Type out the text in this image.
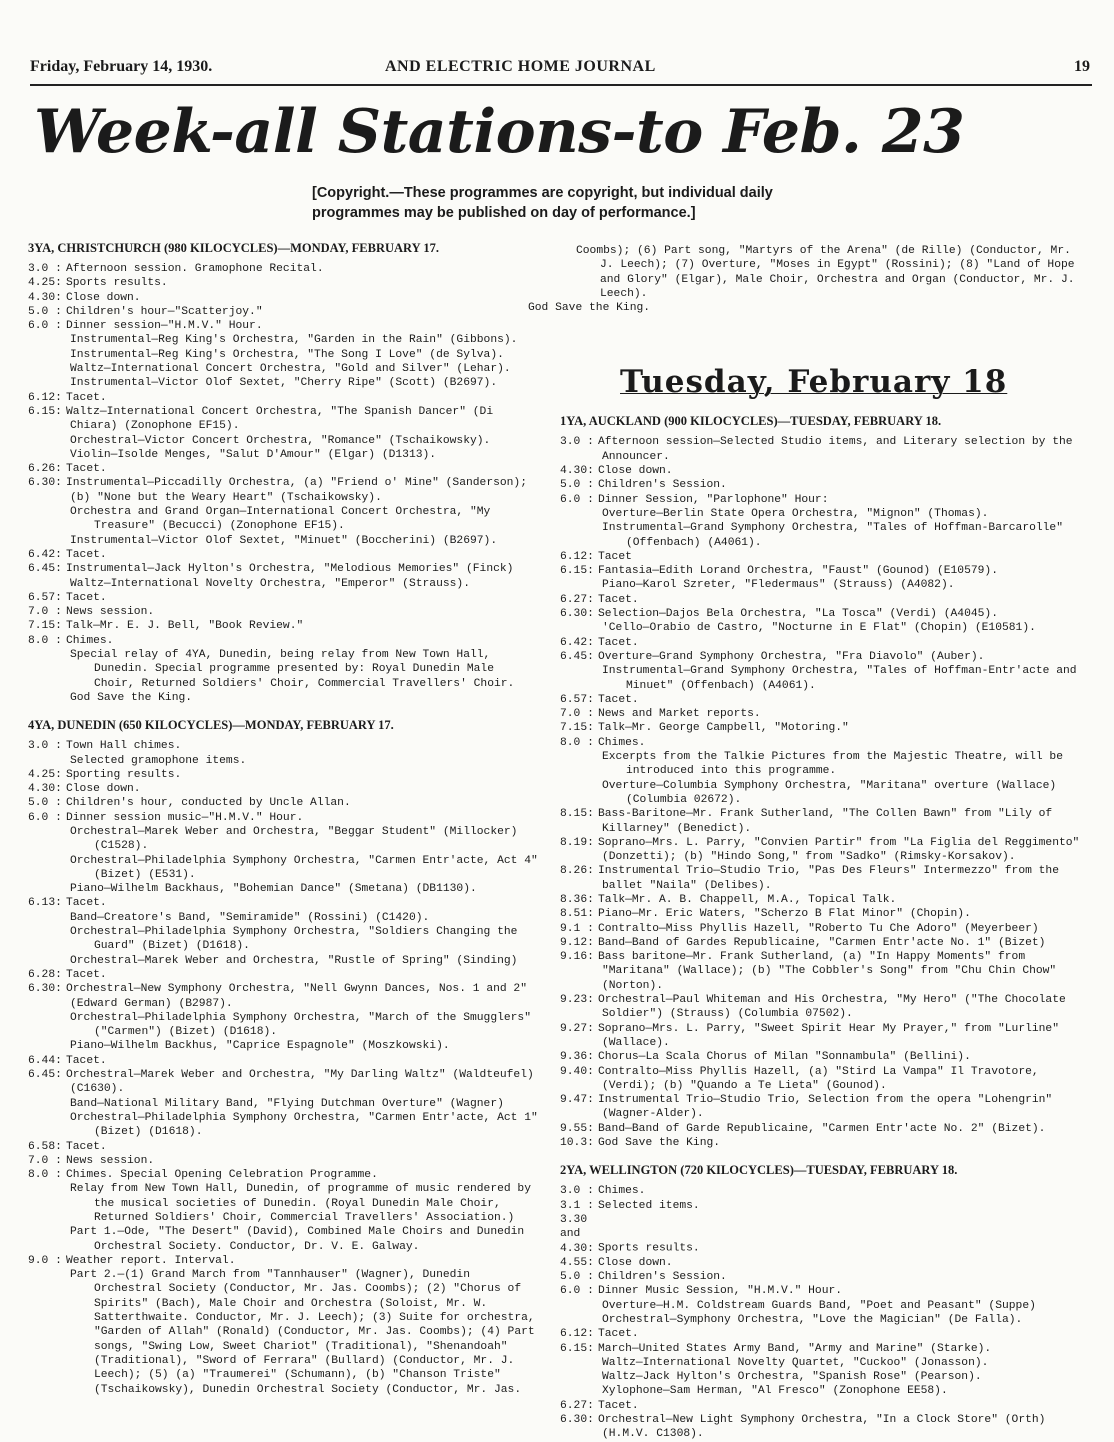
Friday, February 14, 1930.	AND ELECTRIC HOME JOURNAL	19
Week-all Stations-to Feb. 23
[Copyright.—These programmes are copyright, but individual daily programmes may be published on day of performance.]
3YA, CHRISTCHURCH (980 KILOCYCLES)—MONDAY, FEBRUARY 17.
3.0 : Afternoon session. Gramophone Recital.
4.25: Sports results.
4.30: Close down.
5.0 : Children's hour—"Scatterjoy."
6.0 : Dinner session—"H.M.V." Hour.
Instrumental—Reg King's Orchestra, "Garden in the Rain" (Gibbons).
Instrumental—Reg King's Orchestra, "The Song I Love" (de Sylva).
Waltz—International Concert Orchestra, "Gold and Silver" (Lehar).
Instrumental—Victor Olof Sextet, "Cherry Ripe" (Scott) (B2697).
6.12: Tacet.
6.15: Waltz—International Concert Orchestra, "The Spanish Dancer" (Di Chiara) (Zonophone EF15).
Orchestral—Victor Concert Orchestra, "Romance" (Tschaikowsky).
Violin—Isolde Menges, "Salut D'Amour" (Elgar) (D1313).
6.26: Tacet.
6.30: Instrumental—Piccadilly Orchestra, (a) "Friend o' Mine" (Sanderson); (b) "None but the Weary Heart" (Tschaikowsky).
Orchestra and Grand Organ—International Concert Orchestra, "My Treasure" (Becucci) (Zonophone EF15).
Instrumental—Victor Olof Sextet, "Minuet" (Boccherini) (B2697).
6.42: Tacet.
6.45: Instrumental—Jack Hylton's Orchestra, "Melodious Memories" (Finck)
Waltz—International Novelty Orchestra, "Emperor" (Strauss).
6.57: Tacet.
7.0 : News session.
7.15: Talk—Mr. E. J. Bell, "Book Review."
8.0 : Chimes.
Special relay of 4YA, Dunedin, being relay from New Town Hall, Dunedin. Special programme presented by: Royal Dunedin Male Choir, Returned Soldiers' Choir, Commercial Travellers' Choir.
God Save the King.
4YA, DUNEDIN (650 KILOCYCLES)—MONDAY, FEBRUARY 17.
3.0 : Town Hall chimes.
Selected gramophone items.
4.25: Sporting results.
4.30: Close down.
5.0 : Children's hour, conducted by Uncle Allan.
6.0 : Dinner session music—"H.M.V." Hour.
Orchestral—Marek Weber and Orchestra, "Beggar Student" (Millocker) (C1528).
Orchestral—Philadelphia Symphony Orchestra, "Carmen Entr'acte, Act 4" (Bizet) (E531).
Piano—Wilhelm Backhaus, "Bohemian Dance" (Smetana) (DB1130).
6.13: Tacet.
Band—Creatore's Band, "Semiramide" (Rossini) (C1420).
Orchestral—Philadelphia Symphony Orchestra, "Soldiers Changing the Guard" (Bizet) (D1618).
Orchestral—Marek Weber and Orchestra, "Rustle of Spring" (Sinding)
6.28: Tacet.
6.30: Orchestral—New Symphony Orchestra, "Nell Gwynn Dances, Nos. 1 and 2" (Edward German) (B2987).
Orchestral—Philadelphia Symphony Orchestra, "March of the Smugglers" ("Carmen") (Bizet) (D1618).
Piano—Wilhelm Backhus, "Caprice Espagnole" (Moszkowski).
6.44: Tacet.
6.45: Orchestral—Marek Weber and Orchestra, "My Darling Waltz" (Waldteufel) (C1630).
Band—National Military Band, "Flying Dutchman Overture" (Wagner)
Orchestral—Philadelphia Symphony Orchestra, "Carmen Entr'acte, Act 1" (Bizet) (D1618).
6.58: Tacet.
7.0 : News session.
8.0 : Chimes. Special Opening Celebration Programme.
Relay from New Town Hall, Dunedin, of programme of music rendered by the musical societies of Dunedin. (Royal Dunedin Male Choir, Returned Soldiers' Choir, Commercial Travellers' Association.)
Part 1.—Ode, "The Desert" (David), Combined Male Choirs and Dunedin Orchestral Society. Conductor, Dr. V. E. Galway.
9.0 : Weather report. Interval.
Part 2.—(1) Grand March from "Tannhauser" (Wagner), Dunedin Orchestral Society (Conductor, Mr. Jas. Coombs); (2) "Chorus of Spirits" (Bach), Male Choir and Orchestra (Soloist, Mr. W. Satterthwaite. Conductor, Mr. J. Leech); (3) Suite for orchestra, "Garden of Allah" (Ronald) (Conductor, Mr. Jas. Coombs); (4) Part songs, "Swing Low, Sweet Chariot" (Traditional), "Shenandoah" (Traditional), "Sword of Ferrara" (Bullard) (Conductor, Mr. J. Leech); (5) (a) "Traumerei" (Schumann), (b) "Chanson Triste" (Tschaikowsky), Dunedin Orchestral Society (Conductor, Mr. Jas.
Coombs); (6) Part song, "Martyrs of the Arena" (de Rille) (Conductor, Mr. J. Leech); (7) Overture, "Moses in Egypt" (Rossini); (8) "Land of Hope and Glory" (Elgar), Male Choir, Orchestra and Organ (Conductor, Mr. J. Leech).
God Save the King.
Tuesday, February 18
1YA, AUCKLAND (900 KILOCYCLES)—TUESDAY, FEBRUARY 18.
3.0 : Afternoon session—Selected Studio items, and Literary selection by the Announcer.
4.30: Close down.
5.0 : Children's Session.
6.0 : Dinner Session, "Parlophone" Hour:
Overture—Berlin State Opera Orchestra, "Mignon" (Thomas).
Instrumental—Grand Symphony Orchestra, "Tales of Hoffman-Barcarolle" (Offenbach) (A4061).
6.12: Tacet
6.15: Fantasia—Edith Lorand Orchestra, "Faust" (Gounod) (E10579).
Piano—Karol Szreter, "Fledermaus" (Strauss) (A4082).
6.27: Tacet.
6.30: Selection—Dajos Bela Orchestra, "La Tosca" (Verdi) (A4045).
'Cello—Orabio de Castro, "Nocturne in E Flat" (Chopin) (E10581).
6.42: Tacet.
6.45: Overture—Grand Symphony Orchestra, "Fra Diavolo" (Auber).
Instrumental—Grand Symphony Orchestra, "Tales of Hoffman-Entr'acte and Minuet" (Offenbach) (A4061).
6.57: Tacet.
7.0 : News and Market reports.
7.15: Talk—Mr. George Campbell, "Motoring."
8.0 : Chimes.
Excerpts from the Talkie Pictures from the Majestic Theatre, will be introduced into this programme.
Overture—Columbia Symphony Orchestra, "Maritana" overture (Wallace) (Columbia 02672).
8.15: Bass-Baritone—Mr. Frank Sutherland, "The Collen Bawn" from "Lily of Killarney" (Benedict).
8.19: Soprano—Mrs. L. Parry, "Convien Partir" from "La Figlia del Reggimento" (Donzetti); (b) "Hindo Song," from "Sadko" (Rimsky-Korsakov).
8.26: Instrumental Trio—Studio Trio, "Pas Des Fleurs" Intermezzo" from the ballet "Naila" (Delibes).
8.36: Talk—Mr. A. B. Chappell, M.A., Topical Talk.
8.51: Piano—Mr. Eric Waters, "Scherzo B Flat Minor" (Chopin).
9.1 : Contralto—Miss Phyllis Hazell, "Roberto Tu Che Adoro" (Meyerbeer)
9.12: Band—Band of Gardes Republicaine, "Carmen Entr'acte No. 1" (Bizet)
9.16: Bass baritone—Mr. Frank Sutherland, (a) "In Happy Moments" from "Maritana" (Wallace); (b) "The Cobbler's Song" from "Chu Chin Chow" (Norton).
9.23: Orchestral—Paul Whiteman and His Orchestra, "My Hero" ("The Chocolate Soldier") (Strauss) (Columbia 07502).
9.27: Soprano—Mrs. L. Parry, "Sweet Spirit Hear My Prayer," from "Lurline" (Wallace).
9.36: Chorus—La Scala Chorus of Milan "Sonnambula" (Bellini).
9.40: Contralto—Miss Phyllis Hazell, (a) "Stird La Vampa" Il Travotore, (Verdi); (b) "Quando a Te Lieta" (Gounod).
9.47: Instrumental Trio—Studio Trio, Selection from the opera "Lohengrin" (Wagner-Alder).
9.55: Band—Band of Garde Republicaine, "Carmen Entr'acte No. 2" (Bizet).
10.3: God Save the King.
2YA, WELLINGTON (720 KILOCYCLES)—TUESDAY, FEBRUARY 18.
3.0 : Chimes.
3.1 : Selected items.
3.30 and 4.30: Sports results.
4.55: Close down.
5.0 : Children's Session.
6.0 : Dinner Music Session, "H.M.V." Hour.
Overture—H.M. Coldstream Guards Band, "Poet and Peasant" (Suppe)
Orchestral—Symphony Orchestra, "Love the Magician" (De Falla).
6.12: Tacet.
6.15: March—United States Army Band, "Army and Marine" (Starke).
Waltz—International Novelty Quartet, "Cuckoo" (Jonasson).
Waltz—Jack Hylton's Orchestra, "Spanish Rose" (Pearson).
Xylophone—Sam Herman, "Al Fresco" (Zonophone EE58).
6.27: Tacet.
6.30: Orchestral—New Light Symphony Orchestra, "In a Clock Store" (Orth) (H.M.V. C1308).
